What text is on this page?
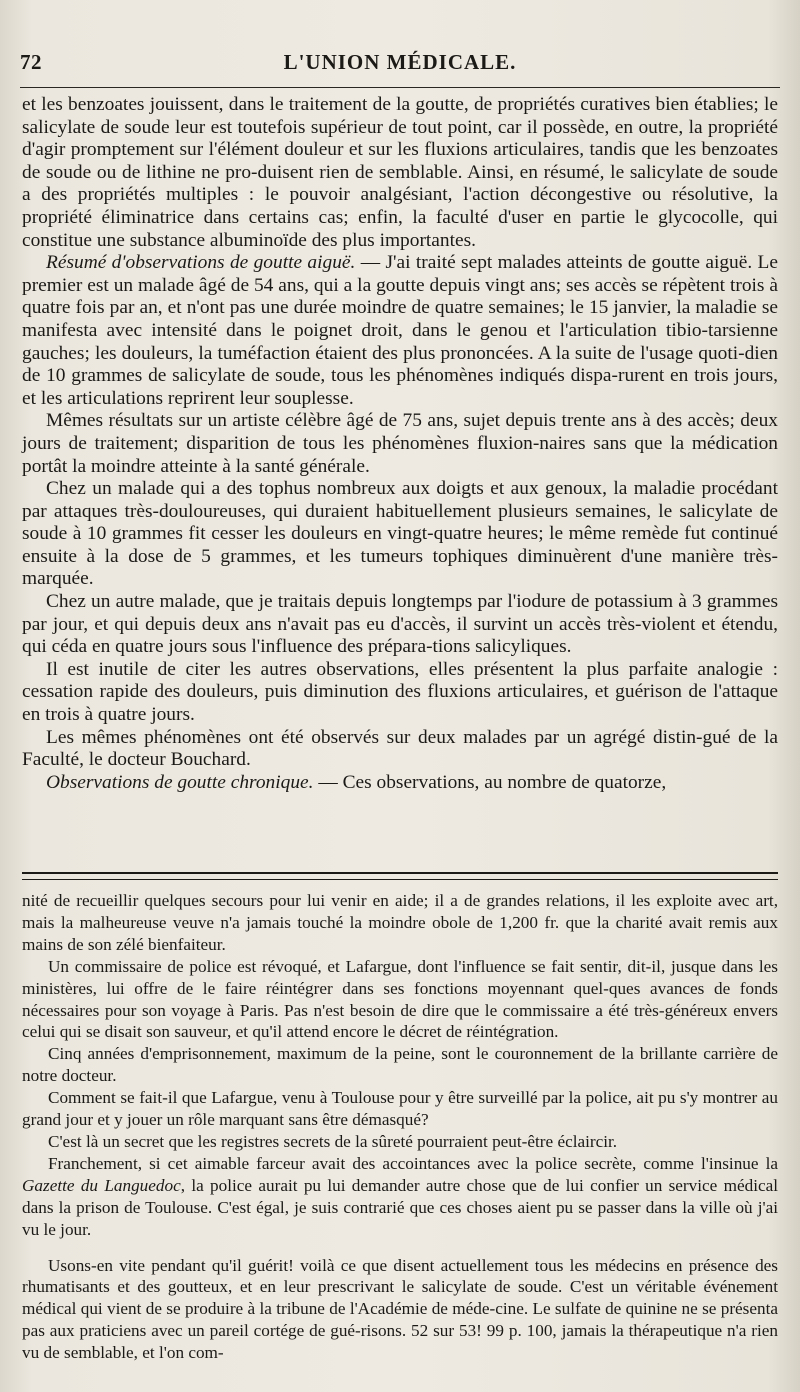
72	L'UNION MÉDICALE.

et les benzoates jouissent, dans le traitement de la goutte, de propriétés curatives bien établies; le salicylate de soude leur est toutefois supérieur de tout point, car il possède, en outre, la propriété d'agir promptement sur l'élément douleur et sur les fluxions articulaires, tandis que les benzoates de soude ou de lithine ne pro-duisent rien de semblable. Ainsi, en résumé, le salicylate de soude a des propriétés multiples : le pouvoir analgésiant, l'action décongestive ou résolutive, la propriété éliminatrice dans certains cas; enfin, la faculté d'user en partie le glycocolle, qui constitue une substance albuminoïde des plus importantes.

Résumé d'observations de goutte aiguë. — J'ai traité sept malades atteints de goutte aiguë. Le premier est un malade âgé de 54 ans, qui a la goutte depuis vingt ans; ses accès se répètent trois à quatre fois par an, et n'ont pas une durée moindre de quatre semaines; le 15 janvier, la maladie se manifesta avec intensité dans le poignet droit, dans le genou et l'articulation tibio-tarsienne gauches; les douleurs, la tuméfaction étaient des plus prononcées. A la suite de l'usage quoti-dien de 10 grammes de salicylate de soude, tous les phénomènes indiqués dispa-rurent en trois jours, et les articulations reprirent leur souplesse.

Mêmes résultats sur un artiste célèbre âgé de 75 ans, sujet depuis trente ans à des accès; deux jours de traitement; disparition de tous les phénomènes fluxion-naires sans que la médication portât la moindre atteinte à la santé générale.

Chez un malade qui a des tophus nombreux aux doigts et aux genoux, la maladie procédant par attaques très-douloureuses, qui duraient habituellement plusieurs semaines, le salicylate de soude à 10 grammes fit cesser les douleurs en vingt-quatre heures; le même remède fut continué ensuite à la dose de 5 grammes, et les tumeurs tophiques diminuèrent d'une manière très-marquée.

Chez un autre malade, que je traitais depuis longtemps par l'iodure de potassium à 3 grammes par jour, et qui depuis deux ans n'avait pas eu d'accès, il survint un accès très-violent et étendu, qui céda en quatre jours sous l'influence des prépara-tions salicyliques.

Il est inutile de citer les autres observations, elles présentent la plus parfaite analogie : cessation rapide des douleurs, puis diminution des fluxions articulaires, et guérison de l'attaque en trois à quatre jours.

Les mêmes phénomènes ont été observés sur deux malades par un agrégé distin-gué de la Faculté, le docteur Bouchard.

Observations de goutte chronique. — Ces observations, au nombre de quatorze,

nité de recueillir quelques secours pour lui venir en aide; il a de grandes relations, il les exploite avec art, mais la malheureuse veuve n'a jamais touché la moindre obole de 1,200 fr. que la charité avait remis aux mains de son zélé bienfaiteur.

Un commissaire de police est révoqué, et Lafargue, dont l'influence se fait sentir, dit-il, jusque dans les ministères, lui offre de le faire réintégrer dans ses fonctions moyennant quel-ques avances de fonds nécessaires pour son voyage à Paris. Pas n'est besoin de dire que le commissaire a été très-généreux envers celui qui se disait son sauveur, et qu'il attend encore le décret de réintégration.

Cinq années d'emprisonnement, maximum de la peine, sont le couronnement de la brillante carrière de notre docteur.

Comment se fait-il que Lafargue, venu à Toulouse pour y être surveillé par la police, ait pu s'y montrer au grand jour et y jouer un rôle marquant sans être démasqué?

C'est là un secret que les registres secrets de la sûreté pourraient peut-être éclaircir.

Franchement, si cet aimable farceur avait des accointances avec la police secrète, comme l'insinue la Gazette du Languedoc, la police aurait pu lui demander autre chose que de lui confier un service médical dans la prison de Toulouse. C'est égal, je suis contrarié que ces choses aient pu se passer dans la ville où j'ai vu le jour.

Usons-en vite pendant qu'il guérit! voilà ce que disent actuellement tous les médecins en présence des rhumatisants et des goutteux, et en leur prescrivant le salicylate de soude. C'est un véritable événement médical qui vient de se produire à la tribune de l'Académie de méde-cine. Le sulfate de quinine ne se présenta pas aux praticiens avec un pareil cortége de gué-risons. 52 sur 53! 99 p. 100, jamais la thérapeutique n'a rien vu de semblable, et l'on com-
